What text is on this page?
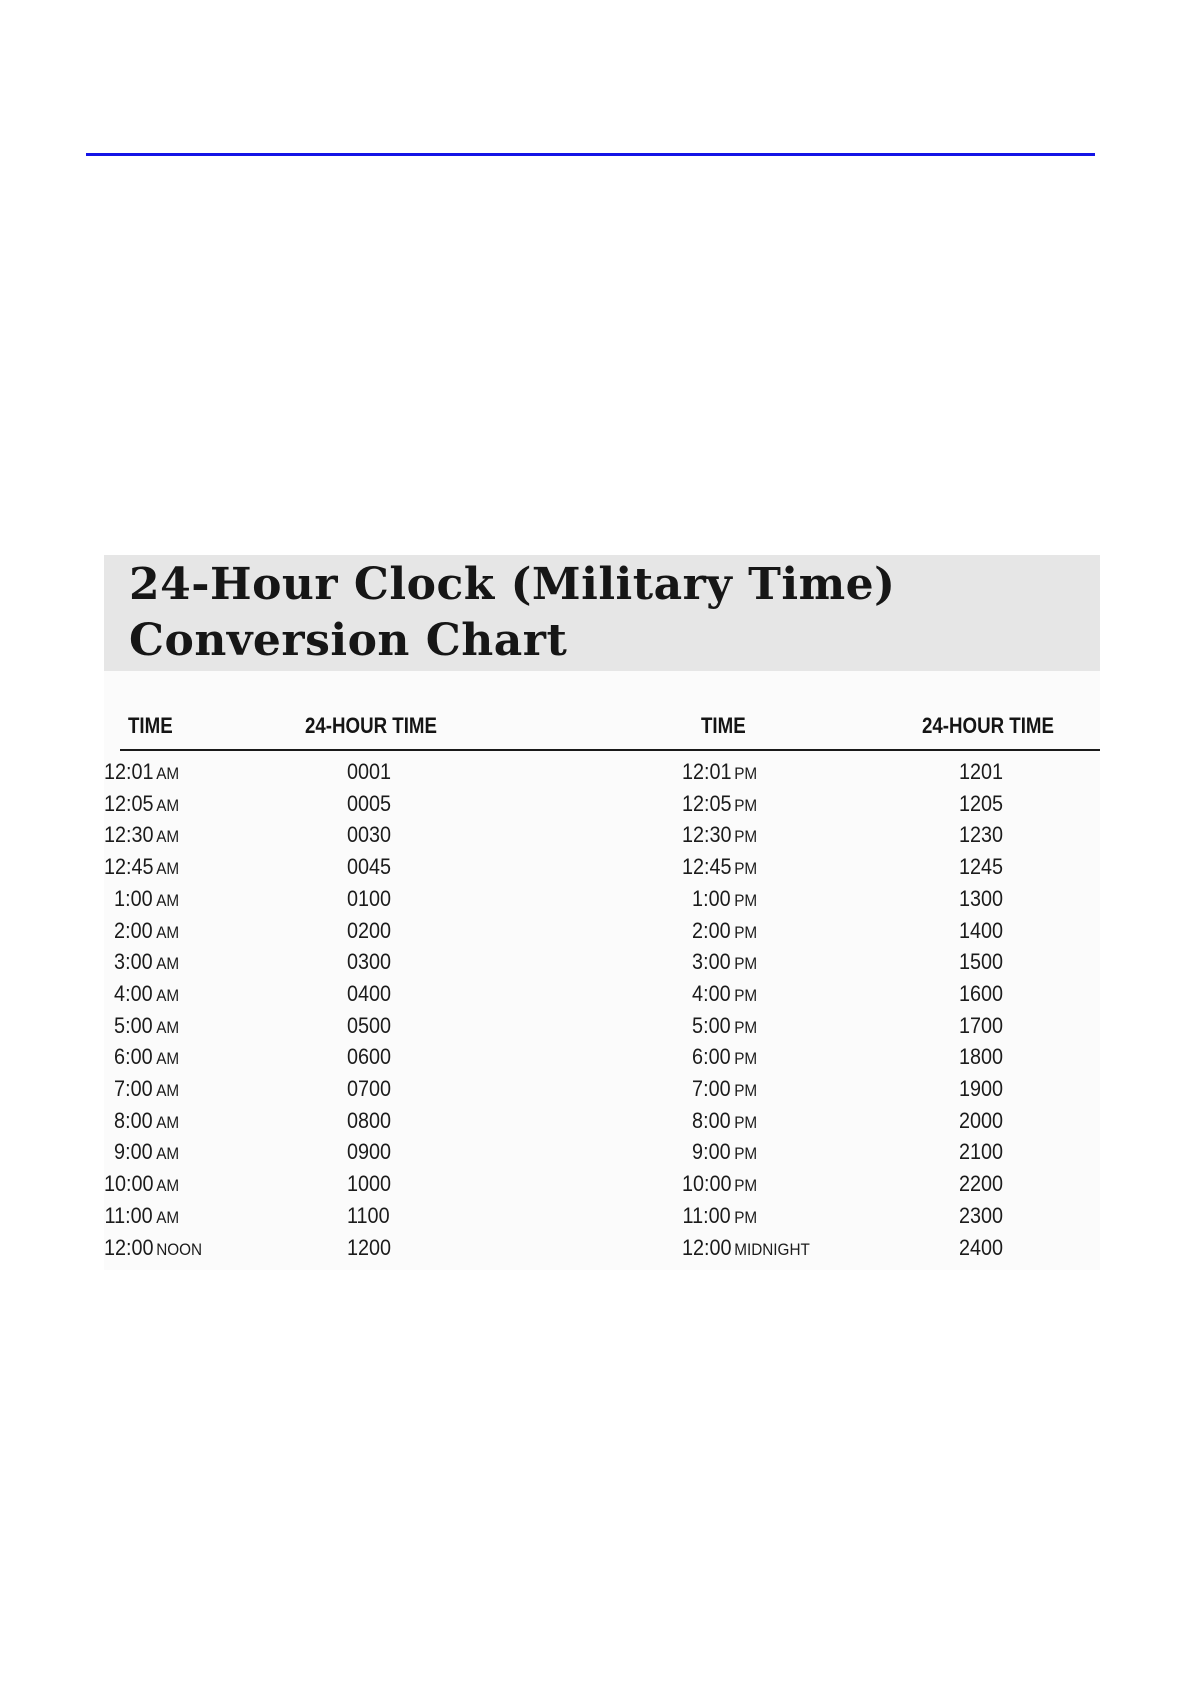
24-Hour Clock (Military Time)
Conversion Chart
TIME	24-HOUR TIME	TIME	24-HOUR TIME
12:01 AM	0001	12:01 PM	1201
12:05 AM	0005	12:05 PM	1205
12:30 AM	0030	12:30 PM	1230
12:45 AM	0045	12:45 PM	1245
1:00 AM	0100	1:00 PM	1300
2:00 AM	0200	2:00 PM	1400
3:00 AM	0300	3:00 PM	1500
4:00 AM	0400	4:00 PM	1600
5:00 AM	0500	5:00 PM	1700
6:00 AM	0600	6:00 PM	1800
7:00 AM	0700	7:00 PM	1900
8:00 AM	0800	8:00 PM	2000
9:00 AM	0900	9:00 PM	2100
10:00 AM	1000	10:00 PM	2200
11:00 AM	1100	11:00 PM	2300
12:00 NOON	1200	12:00 MIDNIGHT	2400
